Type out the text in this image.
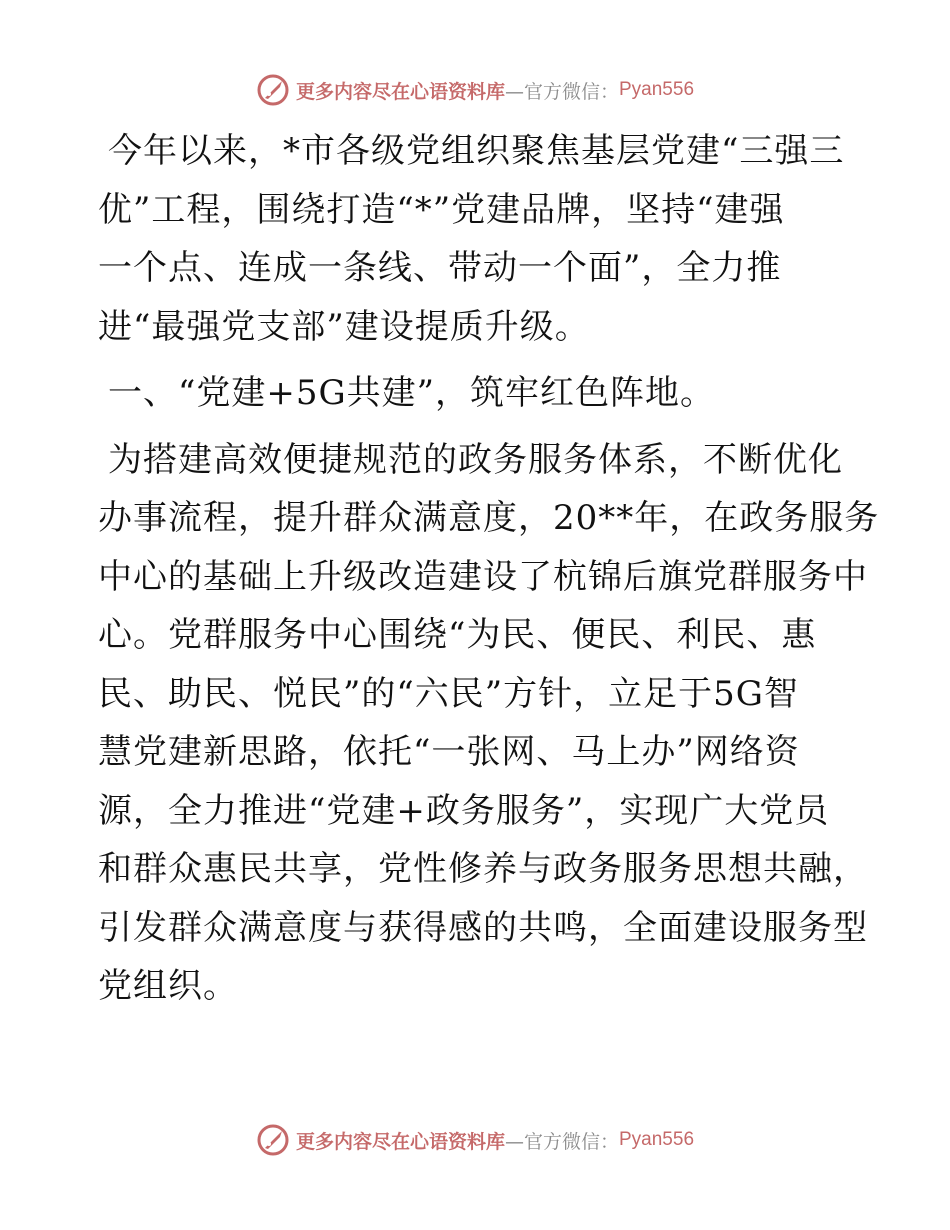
更多内容尽在心语资料库 —官方微信： Pyan556
今年以来，*市各级党组织聚焦基层党建“三强三
优”工程，围绕打造“*”党建品牌，坚持“建强
一个点、连成一条线、带动一个面”，全力推
进“最强党支部”建设提质升级。
一、“党建+5G共建”，筑牢红色阵地。
为搭建高效便捷规范的政务服务体系，不断优化
办事流程，提升群众满意度，20**年，在政务服务
中心的基础上升级改造建设了杭锦后旗党群服务中
心。党群服务中心围绕“为民、便民、利民、惠
民、助民、悦民”的“六民”方针，立足于5G智
慧党建新思路，依托“一张网、马上办”网络资
源，全力推进“党建+政务服务”，实现广大党员
和群众惠民共享，党性修养与政务服务思想共融，
引发群众满意度与获得感的共鸣，全面建设服务型
党组织。
更多内容尽在心语资料库 —官方微信： Pyan556
